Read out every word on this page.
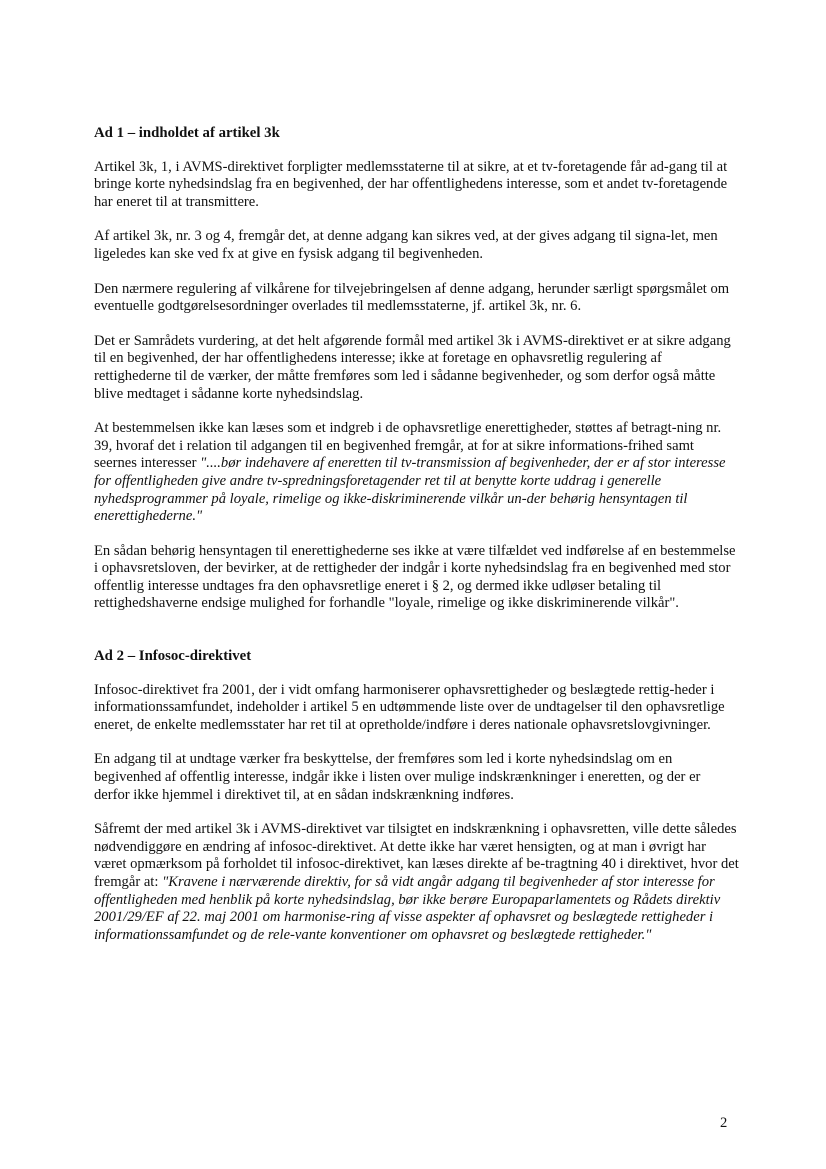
Ad 1 – indholdet af artikel 3k

Artikel 3k, 1, i AVMS-direktivet forpligter medlemsstaterne til at sikre, at et tv-foretagende får ad-gang til at bringe korte nyhedsindslag fra en begivenhed, der har offentlighedens interesse, som et andet tv-foretagende har eneret til at transmittere.

Af artikel 3k, nr. 3 og 4, fremgår det, at denne adgang kan sikres ved, at der gives adgang til signa-let, men ligeledes kan ske ved fx at give en fysisk adgang til begivenheden.

Den nærmere regulering af vilkårene for tilvejebringelsen af denne adgang, herunder særligt spørgsmålet om eventuelle godtgørelsesordninger overlades til medlemsstaterne, jf. artikel 3k, nr. 6.

Det er Samrådets vurdering, at det helt afgørende formål med artikel 3k i AVMS-direktivet er at sikre adgang til en begivenhed, der har offentlighedens interesse; ikke at foretage en ophavsretlig regulering af rettighederne til de værker, der måtte fremføres som led i sådanne begivenheder, og som derfor også måtte blive medtaget i sådanne korte nyhedsindslag.

At bestemmelsen ikke kan læses som et indgreb i de ophavsretlige enerettigheder, støttes af betragt-ning nr. 39, hvoraf det i relation til adgangen til en begivenhed fremgår, at for at sikre informations-frihed samt seernes interesser "....bør indehavere af eneretten til tv-transmission af begivenheder, der er af stor interesse for offentligheden give andre tv-spredningsforetagender ret til at benytte korte uddrag i generelle nyhedsprogrammer på loyale, rimelige og ikke-diskriminerende vilkår un-der behørig hensyntagen til enerettighederne."

En sådan behørig hensyntagen til enerettighederne ses ikke at være tilfældet ved indførelse af en bestemmelse i ophavsretsloven, der bevirker, at de rettigheder der indgår i korte nyhedsindslag fra en begivenhed med stor offentlig interesse undtages fra den ophavsretlige eneret i § 2, og dermed ikke udløser betaling til rettighedshaverne endsige mulighed for forhandle "loyale, rimelige og ikke diskriminerende vilkår".

Ad 2 – Infosoc-direktivet

Infosoc-direktivet fra 2001, der i vidt omfang harmoniserer ophavsrettigheder og beslægtede rettig-heder i informationssamfundet, indeholder i artikel 5 en udtømmende liste over de undtagelser til den ophavsretlige eneret, de enkelte medlemsstater har ret til at opretholde/indføre i deres nationale ophavsretslovgivninger.

En adgang til at undtage værker fra beskyttelse, der fremføres som led i korte nyhedsindslag om en begivenhed af offentlig interesse, indgår ikke i listen over mulige indskrænkninger i eneretten, og der er derfor ikke hjemmel i direktivet til, at en sådan indskrænkning indføres.

Såfremt der med artikel 3k i AVMS-direktivet var tilsigtet en indskrænkning i ophavsretten, ville dette således nødvendiggøre en ændring af infosoc-direktivet. At dette ikke har været hensigten, og at man i øvrigt har været opmærksom på forholdet til infosoc-direktivet, kan læses direkte af be-tragtning 40 i direktivet, hvor det fremgår at: "Kravene i nærværende direktiv, for så vidt angår adgang til begivenheder af stor interesse for offentligheden med henblik på korte nyhedsindslag, bør ikke berøre Europaparlamentets og Rådets direktiv 2001/29/EF af 22. maj 2001 om harmonise-ring af visse aspekter af ophavsret og beslægtede rettigheder i informationssamfundet og de rele-vante konventioner om ophavsret og beslægtede rettigheder."

2
